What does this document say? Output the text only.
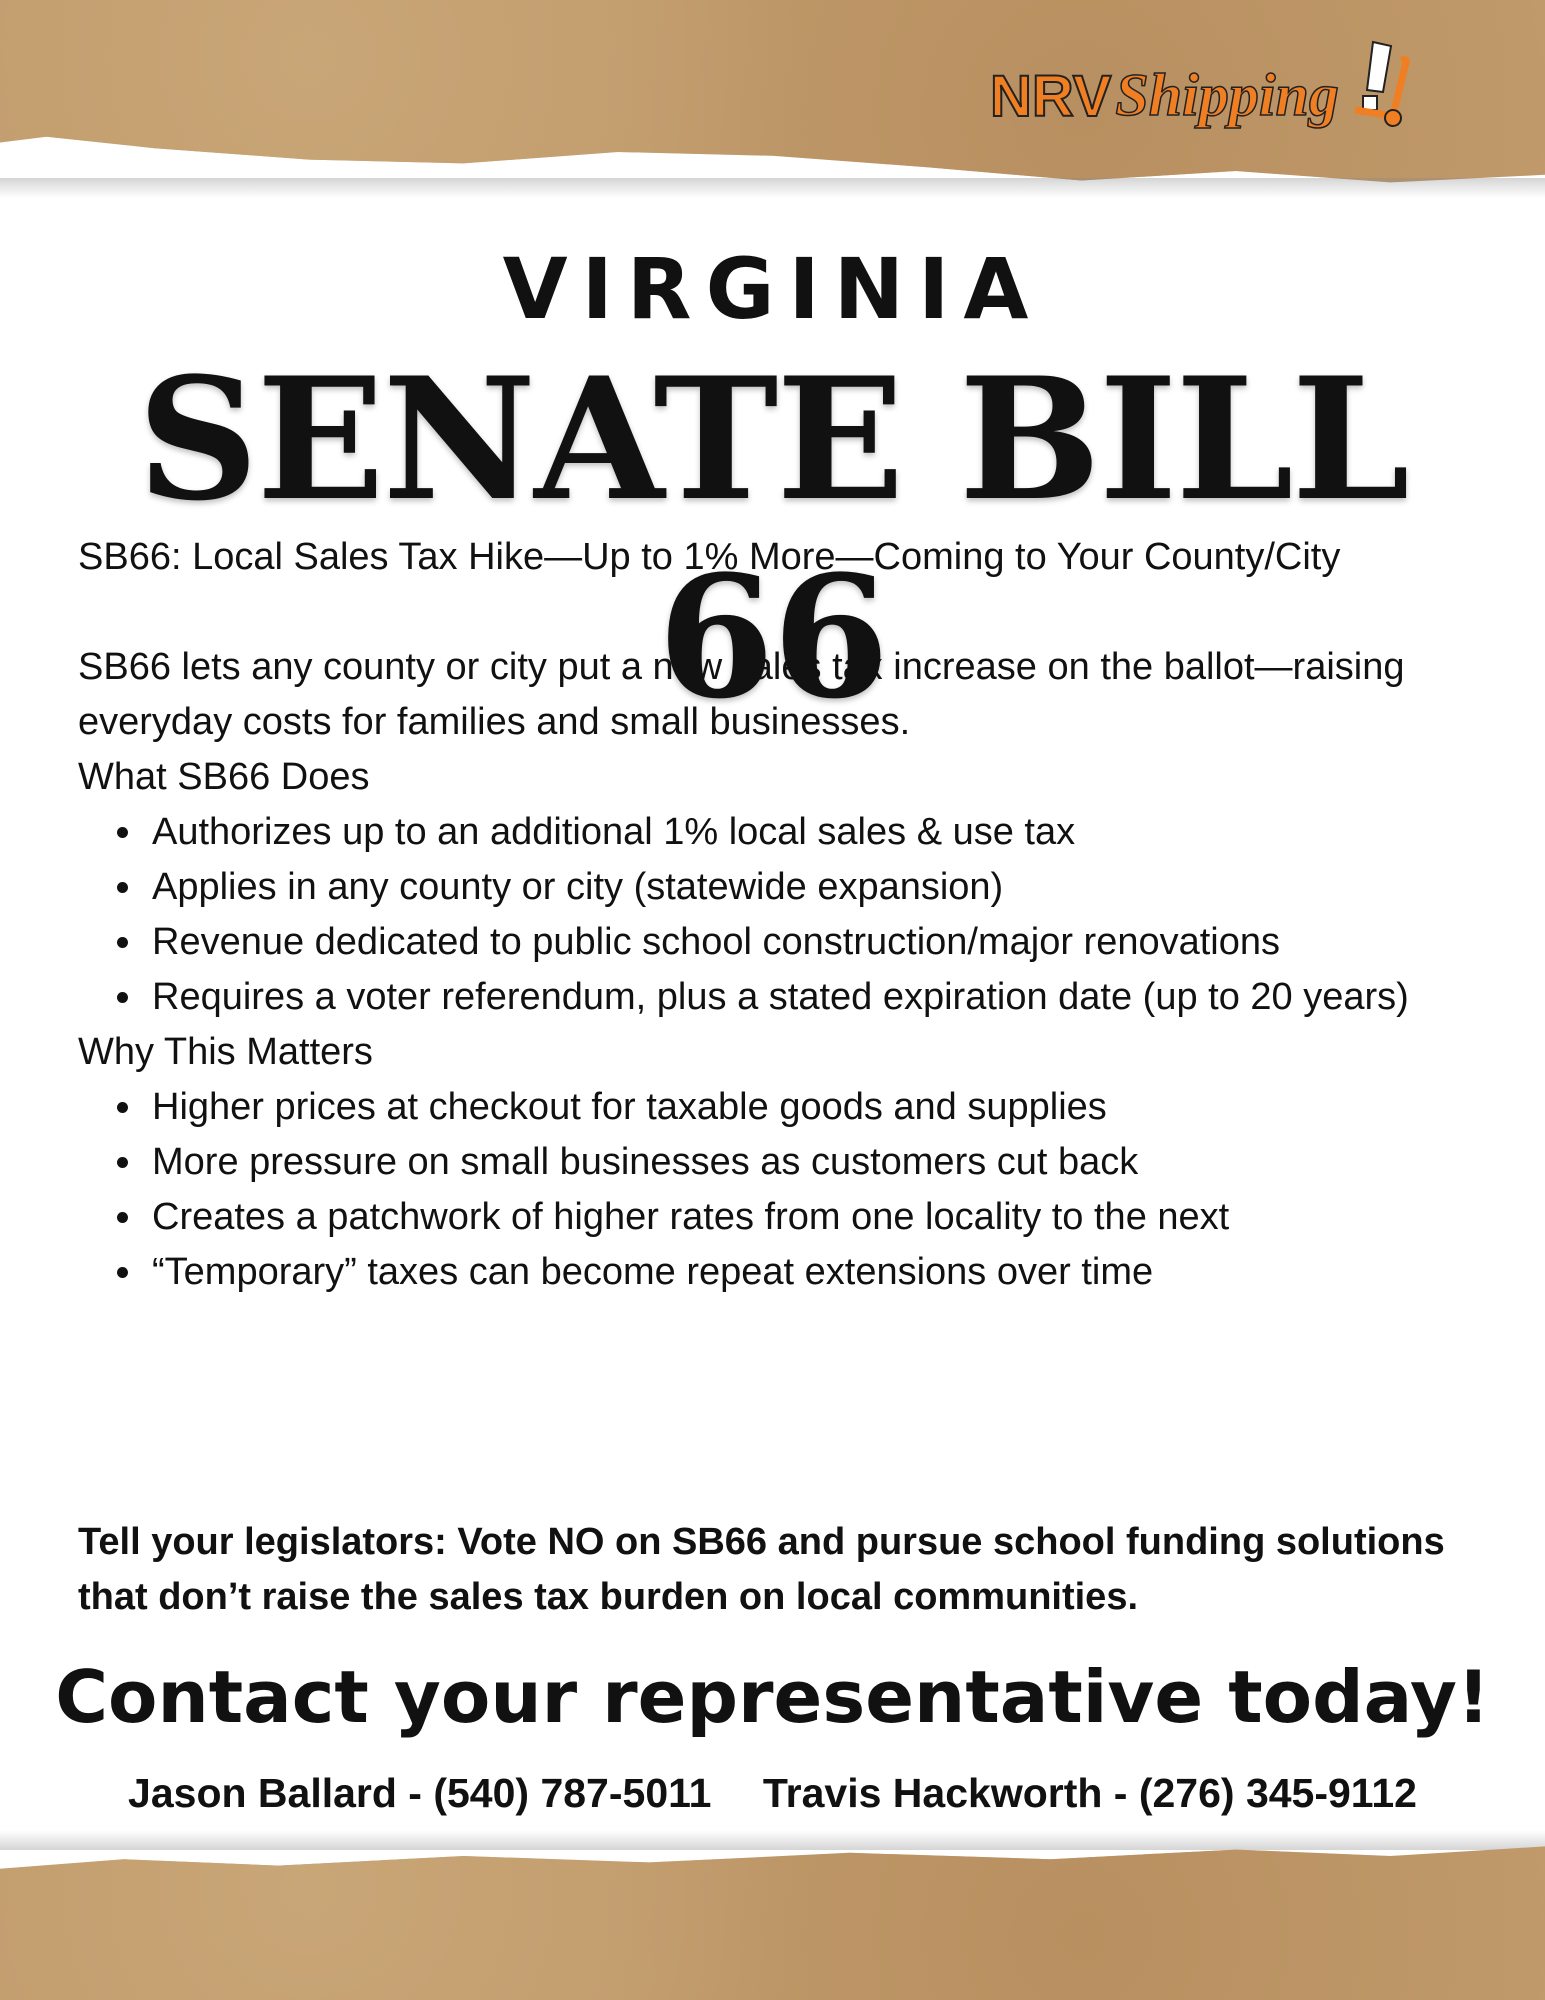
NRV Shipping
VIRGINIA
SENATE BILL 66

SB66: Local Sales Tax Hike—Up to 1% More—Coming to Your County/City

SB66 lets any county or city put a new sales tax increase on the ballot—raising everyday costs for families and small businesses.

What SB66 Does

• Authorizes up to an additional 1% local sales & use tax
• Applies in any county or city (statewide expansion)
• Revenue dedicated to public school construction/major renovations
• Requires a voter referendum, plus a stated expiration date (up to 20 years)

Why This Matters

• Higher prices at checkout for taxable goods and supplies
• More pressure on small businesses as customers cut back
• Creates a patchwork of higher rates from one locality to the next
• “Temporary” taxes can become repeat extensions over time
Tell your legislators: Vote NO on SB66 and pursue school funding solutions that don’t raise the sales tax burden on local communities.
Contact your representative today!
Jason Ballard - (540) 787-5011 Travis Hackworth - (276) 345-9112
